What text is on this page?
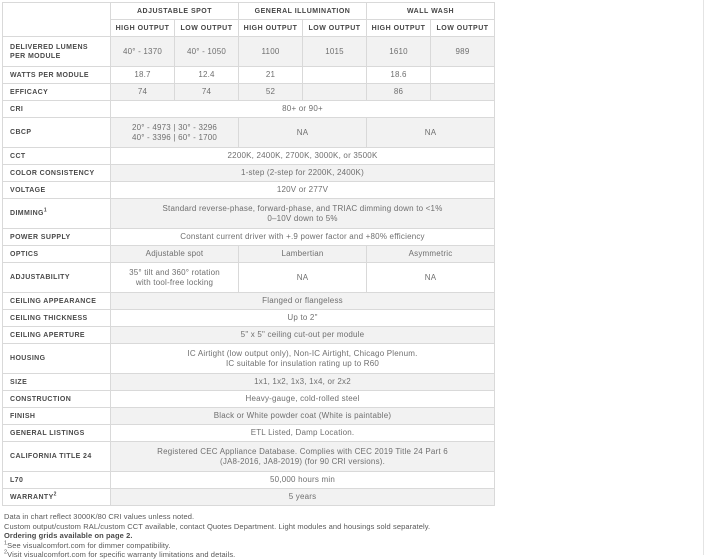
	ADJUSTABLE SPOT		GENERAL ILLUMINATION		WALL WASH	
	HIGH OUTPUT	LOW OUTPUT	HIGH OUTPUT	LOW OUTPUT	HIGH OUTPUT	LOW OUTPUT
DELIVERED LUMENS PER MODULE	40° - 1370	40° - 1050	1100	1015	1610	989
WATTS PER MODULE	18.7	12.4	21		18.6	
EFFICACY	74	74	52		86	
CRI	80+ or 90+					
CBCP	20° - 4973 | 30° - 3296
40° - 3396 | 60° - 1700		NA		NA	
CCT	2200K, 2400K, 2700K, 3000K, or 3500K					
COLOR CONSISTENCY	1-step (2-step for 2200K, 2400K)					
VOLTAGE	120V or 277V					
DIMMING$^1$	Standard reverse-phase, forward-phase, and TRIAC dimming down to <1%
0–10V down to 5%					
POWER SUPPLY	Constant current driver with +.9 power factor and +80% efficiency					
OPTICS	Adjustable spot		Lambertian		Asymmetric	
ADJUSTABILITY	35° tilt and 360° rotation
with tool-free locking		NA		NA	
CEILING APPEARANCE	Flanged or flangeless					
CEILING THICKNESS	Up to 2"					
CEILING APERTURE	5" x 5" ceiling cut-out per module					
HOUSING	IC Airtight (low output only), Non-IC Airtight, Chicago Plenum.
IC suitable for insulation rating up to R60					
SIZE	1x1, 1x2, 1x3, 1x4, or 2x2					
CONSTRUCTION	Heavy-gauge, cold-rolled steel					
FINISH	Black or White powder coat (White is paintable)					
GENERAL LISTINGS	ETL Listed, Damp Location.					
CALIFORNIA TITLE 24	Registered CEC Appliance Database. Complies with CEC 2019 Title 24 Part 6
(JA8-2016, JA8-2019) (for 90 CRI versions).					
L70	50,000 hours min					
WARRANTY$^2$	5 years					
Data in chart reflect 3000K/80 CRI values unless noted.
Custom output/custom RAL/custom CCT available, contact Quotes Department. Light modules and housings sold separately.
Ordering grids available on page 2.
$^1$See visualcomfort.com for dimmer compatibility.
$^2$Visit visualcomfort.com for specific warranty limitations and details.
